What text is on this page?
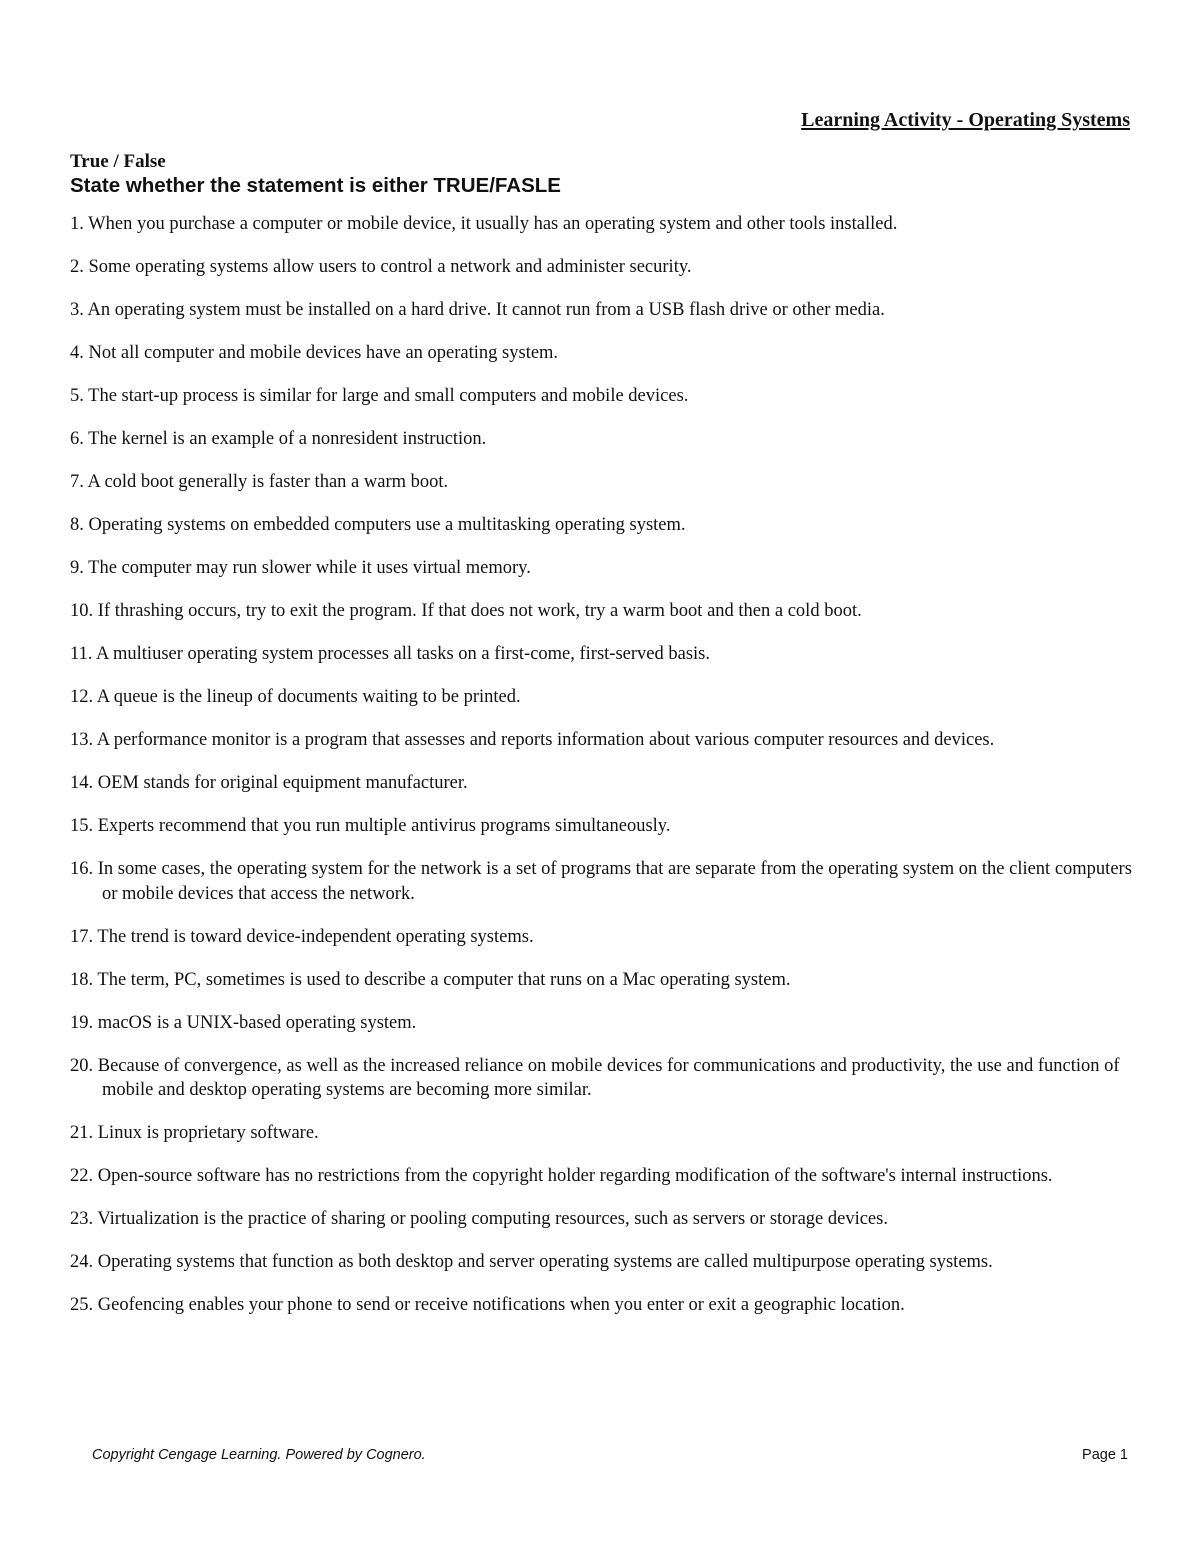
Learning Activity - Operating Systems
True / False
State whether the statement is either TRUE/FASLE
1. When you purchase a computer or mobile device, it usually has an operating system and other tools installed.
2. Some operating systems allow users to control a network and administer security.
3. An operating system must be installed on a hard drive. It cannot run from a USB flash drive or other media.
4. Not all computer and mobile devices have an operating system.
5. The start-up process is similar for large and small computers and mobile devices.
6. The kernel is an example of a nonresident instruction.
7. A cold boot generally is faster than a warm boot.
8. Operating systems on embedded computers use a multitasking operating system.
9. The computer may run slower while it uses virtual memory.
10. If thrashing occurs, try to exit the program. If that does not work, try a warm boot and then a cold boot.
11. A multiuser operating system processes all tasks on a first-come, first-served basis.
12. A queue is the lineup of documents waiting to be printed.
13. A performance monitor is a program that assesses and reports information about various computer resources and devices.
14. OEM stands for original equipment manufacturer.
15. Experts recommend that you run multiple antivirus programs simultaneously.
16. In some cases, the operating system for the network is a set of programs that are separate from the operating system on the client computers or mobile devices that access the network.
17. The trend is toward device-independent operating systems.
18. The term, PC, sometimes is used to describe a computer that runs on a Mac operating system.
19. macOS is a UNIX-based operating system.
20. Because of convergence, as well as the increased reliance on mobile devices for communications and productivity, the use and function of mobile and desktop operating systems are becoming more similar.
21. Linux is proprietary software.
22. Open-source software has no restrictions from the copyright holder regarding modification of the software's internal instructions.
23. Virtualization is the practice of sharing or pooling computing resources, such as servers or storage devices.
24. Operating systems that function as both desktop and server operating systems are called multipurpose operating systems.
25. Geofencing enables your phone to send or receive notifications when you enter or exit a geographic location.
Copyright Cengage Learning. Powered by Cognero.	Page 1
